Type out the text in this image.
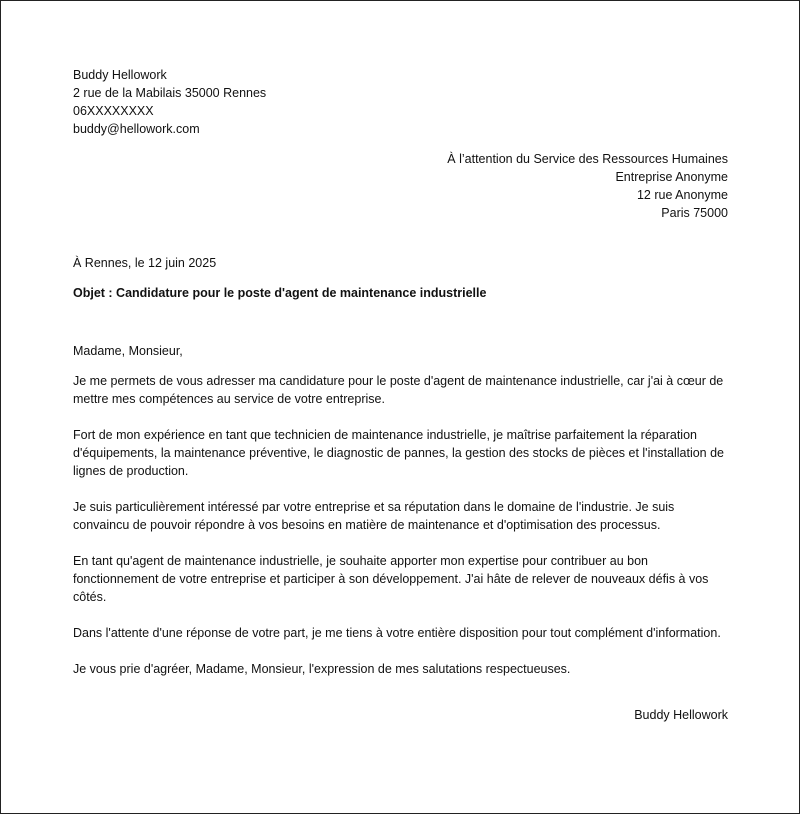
Buddy Hellowork
2 rue de la Mabilais 35000 Rennes
06XXXXXXXX
buddy@hellowork.com
À l’attention du Service des Ressources Humaines
Entreprise Anonyme
12 rue Anonyme
Paris 75000
À Rennes, le 12 juin 2025
Objet : Candidature pour le poste d'agent de maintenance industrielle
Madame, Monsieur,

Je me permets de vous adresser ma candidature pour le poste d'agent de maintenance industrielle, car j'ai à cœur de mettre mes compétences au service de votre entreprise.

Fort de mon expérience en tant que technicien de maintenance industrielle, je maîtrise parfaitement la réparation d'équipements, la maintenance préventive, le diagnostic de pannes, la gestion des stocks de pièces et l'installation de lignes de production.

Je suis particulièrement intéressé par votre entreprise et sa réputation dans le domaine de l'industrie. Je suis convaincu de pouvoir répondre à vos besoins en matière de maintenance et d'optimisation des processus.

En tant qu'agent de maintenance industrielle, je souhaite apporter mon expertise pour contribuer au bon fonctionnement de votre entreprise et participer à son développement. J'ai hâte de relever de nouveaux défis à vos côtés.

Dans l'attente d'une réponse de votre part, je me tiens à votre entière disposition pour tout complément d'information.

Je vous prie d'agréer, Madame, Monsieur, l'expression de mes salutations respectueuses.
Buddy Hellowork
